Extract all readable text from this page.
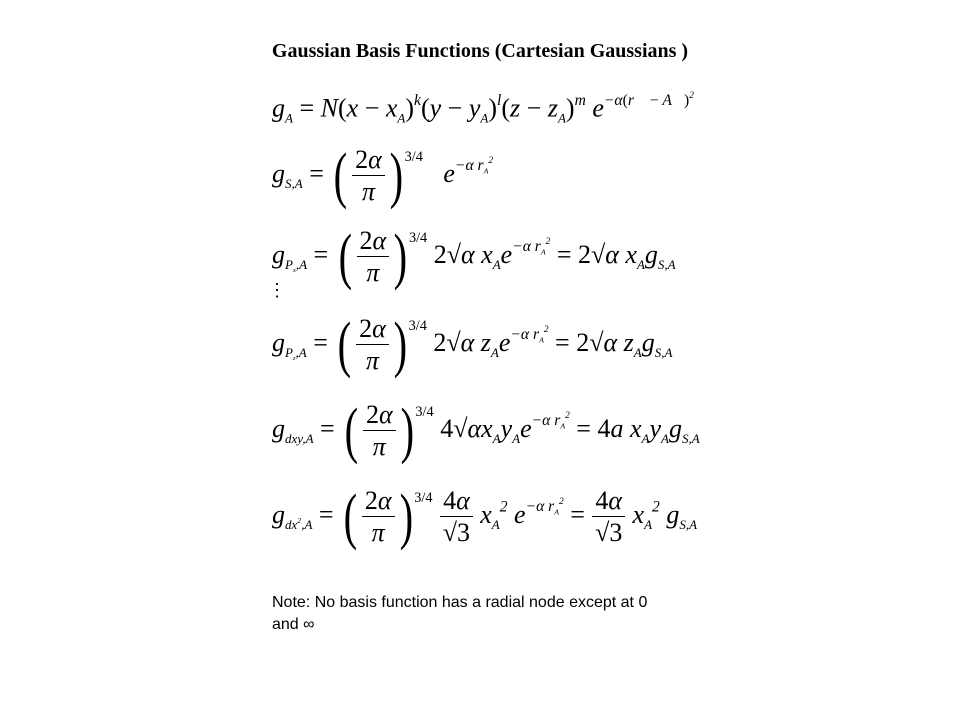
Gaussian Basis Functions (Cartesian Gaussians )
$g_A = N(x - x_A)^k(y - y_A)^l(z - z_A)^m$ $e^{-\alpha(r⃗ - A⃗)^2}$
$g_{S,A}$ = ( $\frac{2\alpha}{\pi}$ ) $^{3/4}$ $e^{-\alpha r_A^2}$
$g_{P_x,A}$ = ( $\frac{2\alpha}{\pi}$ ) $^{3/4}$ 2√α $x_Ae^{-\alpha r_A^2} = 2√\alpha$ $x_Ag_{S,A}$
⋮
$g_{P_z,A}$ = ( $\frac{2\alpha}{\pi}$ ) $^{3/4}$ 2√α $z_Ae^{-\alpha r_A^2} = 2√\alpha$ $z_Ag_{S,A}$
$g_{dxy,A}$ = ( $\frac{2\alpha}{\pi}$ ) $^{3/4}$ $4√\alpha x_Ay_Ae^{-\alpha r_A^2} = 4a$ $x_Ay_Ag_{S,A}$
$g_{dx^2,A}$ = ( $\frac{2\alpha}{\pi}$ ) $^{3/4} \frac{4\alpha}{√3} x_A^2$ $e^{-\alpha r_A^2} = \frac{4\alpha}{√3} x_A^2$ $g_{S,A}$
Note: No basis function has a radial node except at 0
and ∞
